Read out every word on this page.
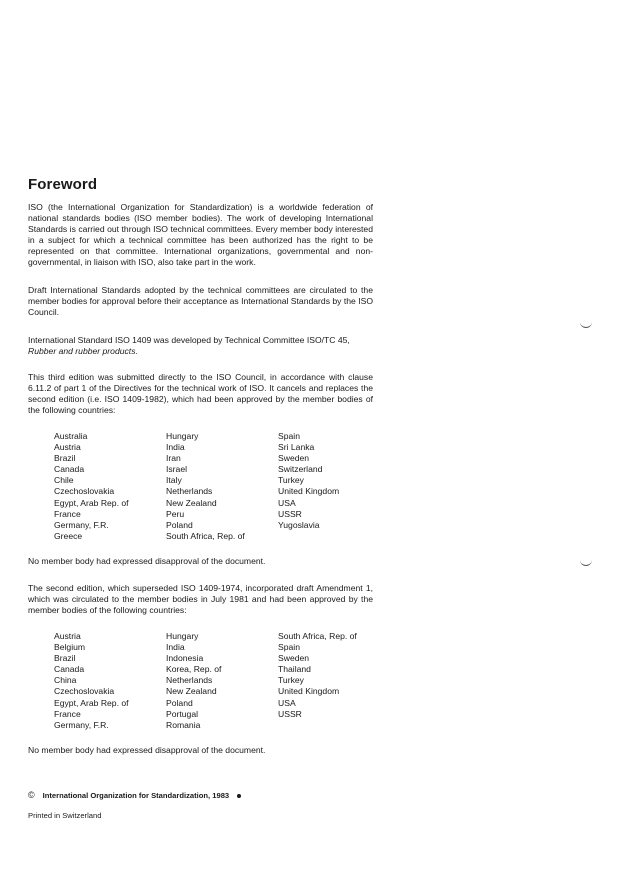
Foreword

ISO (the International Organization for Standardization) is a worldwide federation of national standards bodies (ISO member bodies). The work of developing International Standards is carried out through ISO technical committees. Every member body interested in a subject for which a technical committee has been authorized has the right to be represented on that committee. International organizations, governmental and non-governmental, in liaison with ISO, also take part in the work.

Draft International Standards adopted by the technical committees are circulated to the member bodies for approval before their acceptance as International Standards by the ISO Council.

International Standard ISO 1409 was developed by Technical Committee ISO/TC 45,
Rubber and rubber products.

This third edition was submitted directly to the ISO Council, in accordance with clause 6.11.2 of part 1 of the Directives for the technical work of ISO. It cancels and replaces the second edition (i.e. ISO 1409-1982), which had been approved by the member bodies of the following countries:

Australia
Austria
Brazil
Canada
Chile
Czechoslovakia
Egypt, Arab Rep. of
France
Germany, F.R.
Greece
Hungary
India
Iran
Israel
Italy
Netherlands
New Zealand
Peru
Poland
South Africa, Rep. of
Spain
Sri Lanka
Sweden
Switzerland
Turkey
United Kingdom
USA
USSR
Yugoslavia

No member body had expressed disapproval of the document.

The second edition, which superseded ISO 1409-1974, incorporated draft Amendment 1, which was circulated to the member bodies in July 1981 and had been approved by the member bodies of the following countries:

Austria
Belgium
Brazil
Canada
China
Czechoslovakia
Egypt, Arab Rep. of
France
Germany, F.R.
Hungary
India
Indonesia
Korea, Rep. of
Netherlands
New Zealand
Poland
Portugal
Romania
South Africa, Rep. of
Spain
Sweden
Thailand
Turkey
United Kingdom
USA
USSR

No member body had expressed disapproval of the document.

© International Organization for Standardization, 1983
Printed in Switzerland
